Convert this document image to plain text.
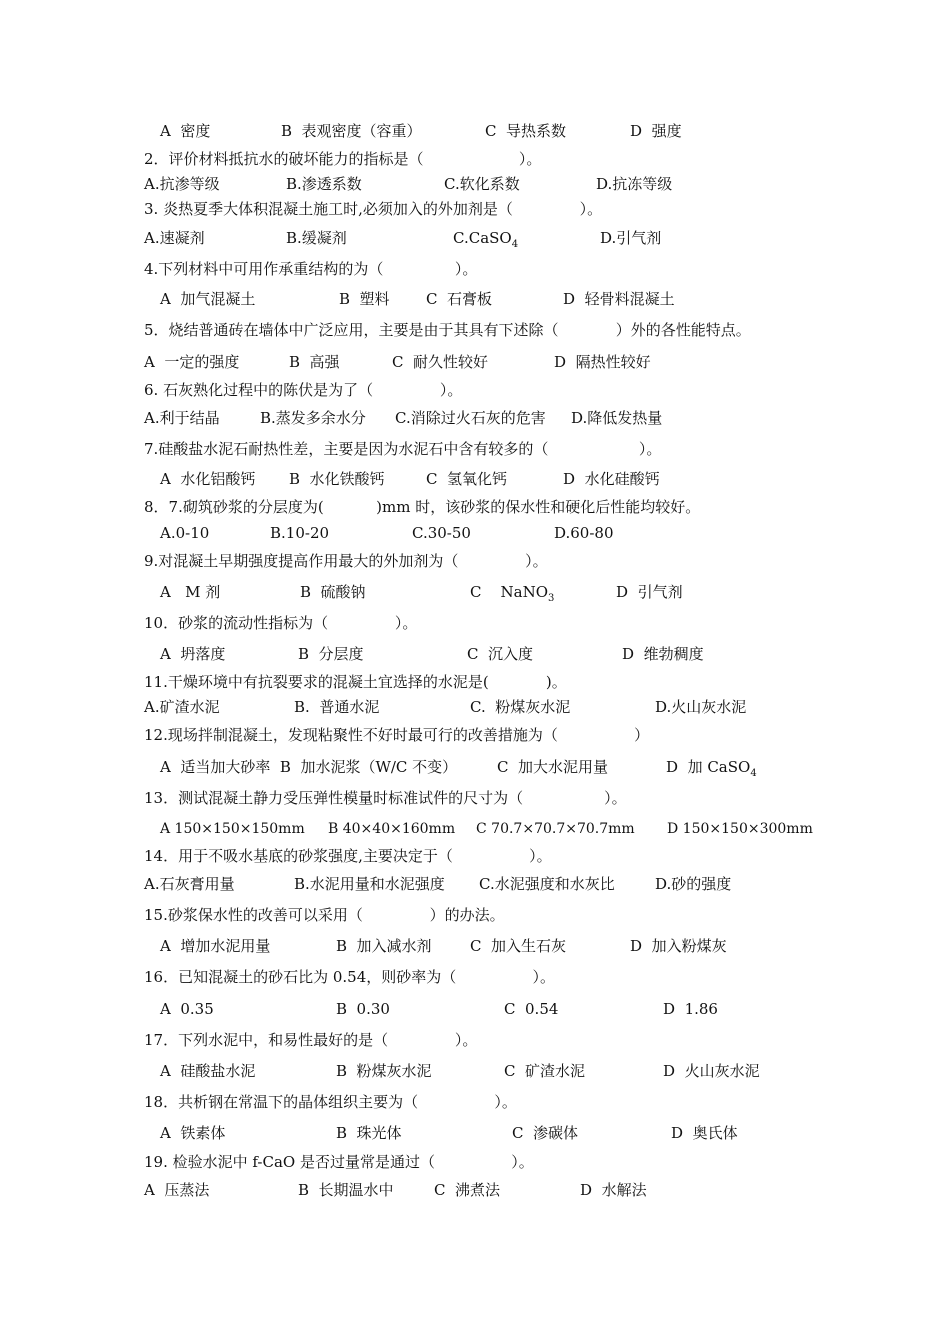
A  密度	B  表观密度（容重）	C  导热系数	D  强度
2．评价材料抵抗水的破坏能力的指标是（                    ）。
A.抗渗等级	B.渗透系数	C.软化系数	D.抗冻等级
3. 炎热夏季大体积混凝土施工时,必须加入的外加剂是（              ）。
A.速凝剂	B.缓凝剂	C.CaSO$_4$	D.引气剂
4.下列材料中可用作承重结构的为（               ）。
A  加气混凝土	B  塑料 C  石膏板	D  轻骨料混凝土
5．烧结普通砖在墙体中广泛应用，主要是由于其具有下述除（            ）外的各性能特点。
A  一定的强度	B  高强	C  耐久性较好	D  隔热性较好
6. 石灰熟化过程中的陈伏是为了（              ）。
A.利于结晶	B.蒸发多余水分 C.消除过火石灰的危害 D.降低发热量
7.硅酸盐水泥石耐热性差，主要是因为水泥石中含有较多的（                   ）。
A  水化铝酸钙 B  水化铁酸钙	C  氢氧化钙	D  水化硅酸钙
8．7.砌筑砂浆的分层度为(           )mm 时，该砂浆的保水性和硬化后性能均较好。
A.0-10	B.10-20	C.30-50	D.60-80
9.对混凝土早期强度提高作用最大的外加剂为（              ）。
A   M 剂	B  硫酸钠	C    NaNO$_3$	D  引气剂
10．砂浆的流动性指标为（              ）。
A  坍落度	B  分层度	C  沉入度	D  维勃稠度
11.干燥环境中有抗裂要求的混凝土宜选择的水泥是(            )。
A.矿渣水泥	B.  普通水泥	C.  粉煤灰水泥	D.火山灰水泥
12.现场拌制混凝土，发现粘聚性不好时最可行的改善措施为（                ）
A  适当加大砂率  B  加水泥浆（W/C 不变）	C  加大水泥用量	D  加 CaSO$_4$
13．测试混凝土静力受压弹性模量时标准试件的尺寸为（                 ）。
A 150×150×150mm B 40×40×160mm C 70.7×70.7×70.7mm D 150×150×300mm
14．用于不吸水基底的砂浆强度,主要决定于（                ）。
A.石灰膏用量	B.水泥用量和水泥强度 C.水泥强度和水灰比	D.砂的强度
15.砂浆保水性的改善可以采用（              ）的办法。
A  增加水泥用量	B  加入减水剂	C  加入生石灰	D  加入粉煤灰
16．已知混凝土的砂石比为 0.54，则砂率为（                ）。
A  0.35	B  0.30	C  0.54	D  1.86
17．下列水泥中，和易性最好的是（              ）。
A  硅酸盐水泥	B  粉煤灰水泥	C  矿渣水泥	D  火山灰水泥
18．共析钢在常温下的晶体组织主要为（                ）。
A  铁素体	B  珠光体	C  渗碳体	D  奥氏体
19. 检验水泥中 f-CaO 是否过量常是通过（                ）。
A  压蒸法	B  长期温水中	C  沸煮法	D  水解法
